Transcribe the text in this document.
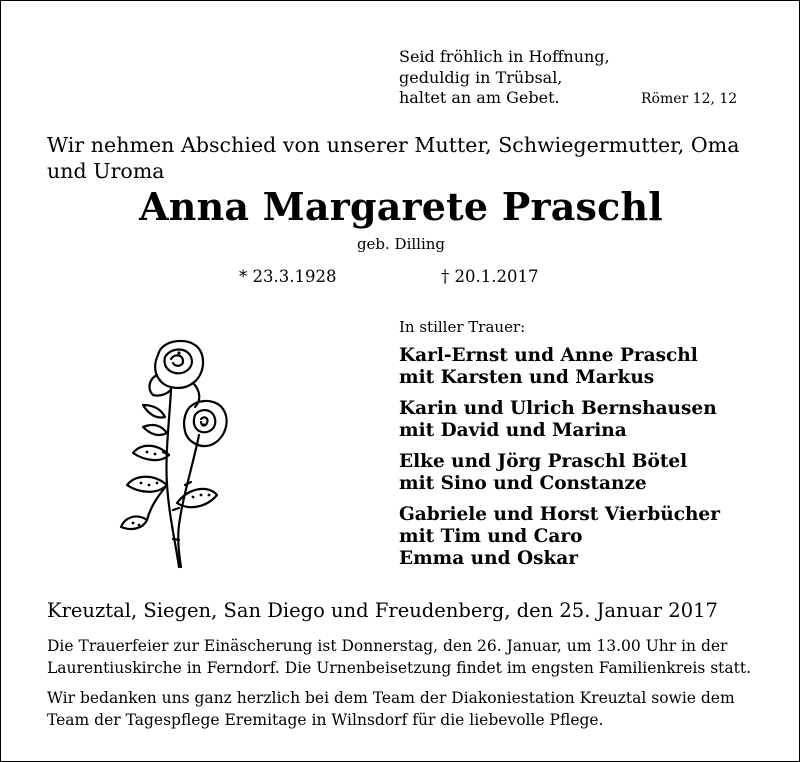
Seid fröhlich in Hoffnung,
geduldig in Trübsal,
haltet an am Gebet.	Römer 12, 12
Wir nehmen Abschied von unserer Mutter, Schwiegermutter, Oma und Uroma
Anna Margarete Praschl
geb. Dilling
* 23.3.1928	† 20.1.2017
In stiller Trauer:
Karl-Ernst und Anne Praschl
mit Karsten und Markus
Karin und Ulrich Bernshausen
mit David und Marina
Elke und Jörg Praschl Bötel
mit Sino und Constanze
Gabriele und Horst Vierbücher
mit Tim und Caro
Emma und Oskar
Kreuztal, Siegen, San Diego und Freudenberg, den 25. Januar 2017
Die Trauerfeier zur Einäscherung ist Donnerstag, den 26. Januar, um 13.00 Uhr in der Laurentiuskirche in Ferndorf. Die Urnenbeisetzung findet im engsten Familienkreis statt.
Wir bedanken uns ganz herzlich bei dem Team der Diakoniestation Kreuztal sowie dem Team der Tagespflege Eremitage in Wilnsdorf für die liebevolle Pflege.
